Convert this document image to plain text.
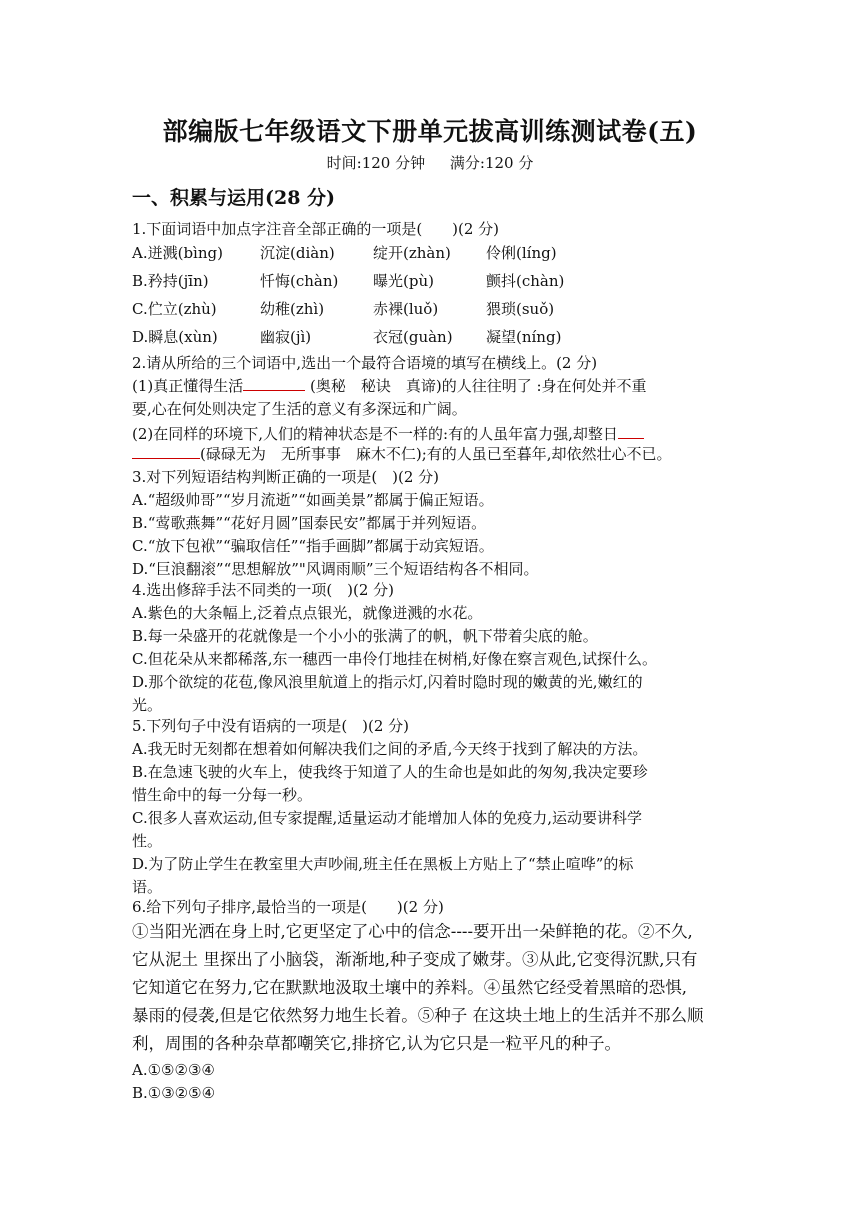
部编版七年级语文下册单元拔高训练测试卷(五)
时间:120 分钟 满分:120 分
一、积累与运用(28 分)
1.下面词语中加点字注音全部正确的一项是(　　)(2 分)
A.迸溅(bìng) 沉淀(diàn)	绽开(zhàn) 伶俐(líng)
B.矜持(jīn)	忏悔(chàn) 曝光(pù)	颤抖(chàn)
C.伫立(zhù)	幼稚(zhì)	赤裸(luǒ)	猥琐(suǒ)
D.瞬息(xùn)	幽寂(jì)	衣冠(guàn) 凝望(níng)
2.请从所给的三个词语中,选出一个最符合语境的填写在横线上。(2 分)
(1)真正懂得生活	(奥秘　秘诀　真谛)的人往往明了 :身在何处并不重
要,心在何处则决定了生活的意义有多深远和广阔。
(2)在同样的环境下,人们的精神状态是不一样的:有的人虽年富力强,却整日
(碌碌无为　无所事事　麻木不仁);有的人虽已至暮年,却依然壮心不已。
3.对下列短语结构判断正确的一项是(　)(2 分)
A.“超级帅哥”“岁月流逝”“如画美景”都属于偏正短语。
B.“莺歌燕舞”“花好月圆”国泰民安”都属于并列短语。
C.“放下包袱”“骗取信任”“指手画脚”都属于动宾短语。
D.“巨浪翻滚”“思想解放”"风调雨顺”三个短语结构各不相同。
4.选出修辞手法不同类的一项(　)(2 分)
A.紫色的大条幅上,泛着点点银光，就像迸溅的水花。
B.每一朵盛开的花就像是一个小小的张满了的帆，帆下带着尖底的舱。
C.但花朵从来都稀落,东一穗西一串伶仃地挂在树梢,好像在察言观色,试探什么。
D.那个欲绽的花苞,像风浪里航道上的指示灯,闪着时隐时现的嫩黄的光,嫩红的
光。
5.下列句子中没有语病的一项是(　)(2 分)
A.我无时无刻都在想着如何解决我们之间的矛盾,今天终于找到了解决的方法。
B.在急速飞驶的火车上，使我终于知道了人的生命也是如此的匆匆,我决定要珍
惜生命中的每一分每一秒。
C.很多人喜欢运动,但专家提醒,适量运动才能增加人体的免疫力,运动要讲科学
性。
D.为了防止学生在教室里大声吵闹,班主任在黑板上方贴上了“禁止喧哗”的标
语。
6.给下列句子排序,最恰当的一项是(　　)(2 分)
①当阳光洒在身上时,它更坚定了心中的信念----要开出一朵鲜艳的花。②不久,
它从泥土 里探出了小脑袋，渐渐地,种子变成了嫩芽。③从此,它变得沉默,只有
它知道它在努力,它在默默地汲取土壤中的养料。④虽然它经受着黑暗的恐惧,
暴雨的侵袭,但是它依然努力地生长着。⑤种子 在这块土地上的生活并不那么顺
利，周围的各种杂草都嘲笑它,排挤它,认为它只是一粒平凡的种子。
A.①⑤②③④
B.①③②⑤④
